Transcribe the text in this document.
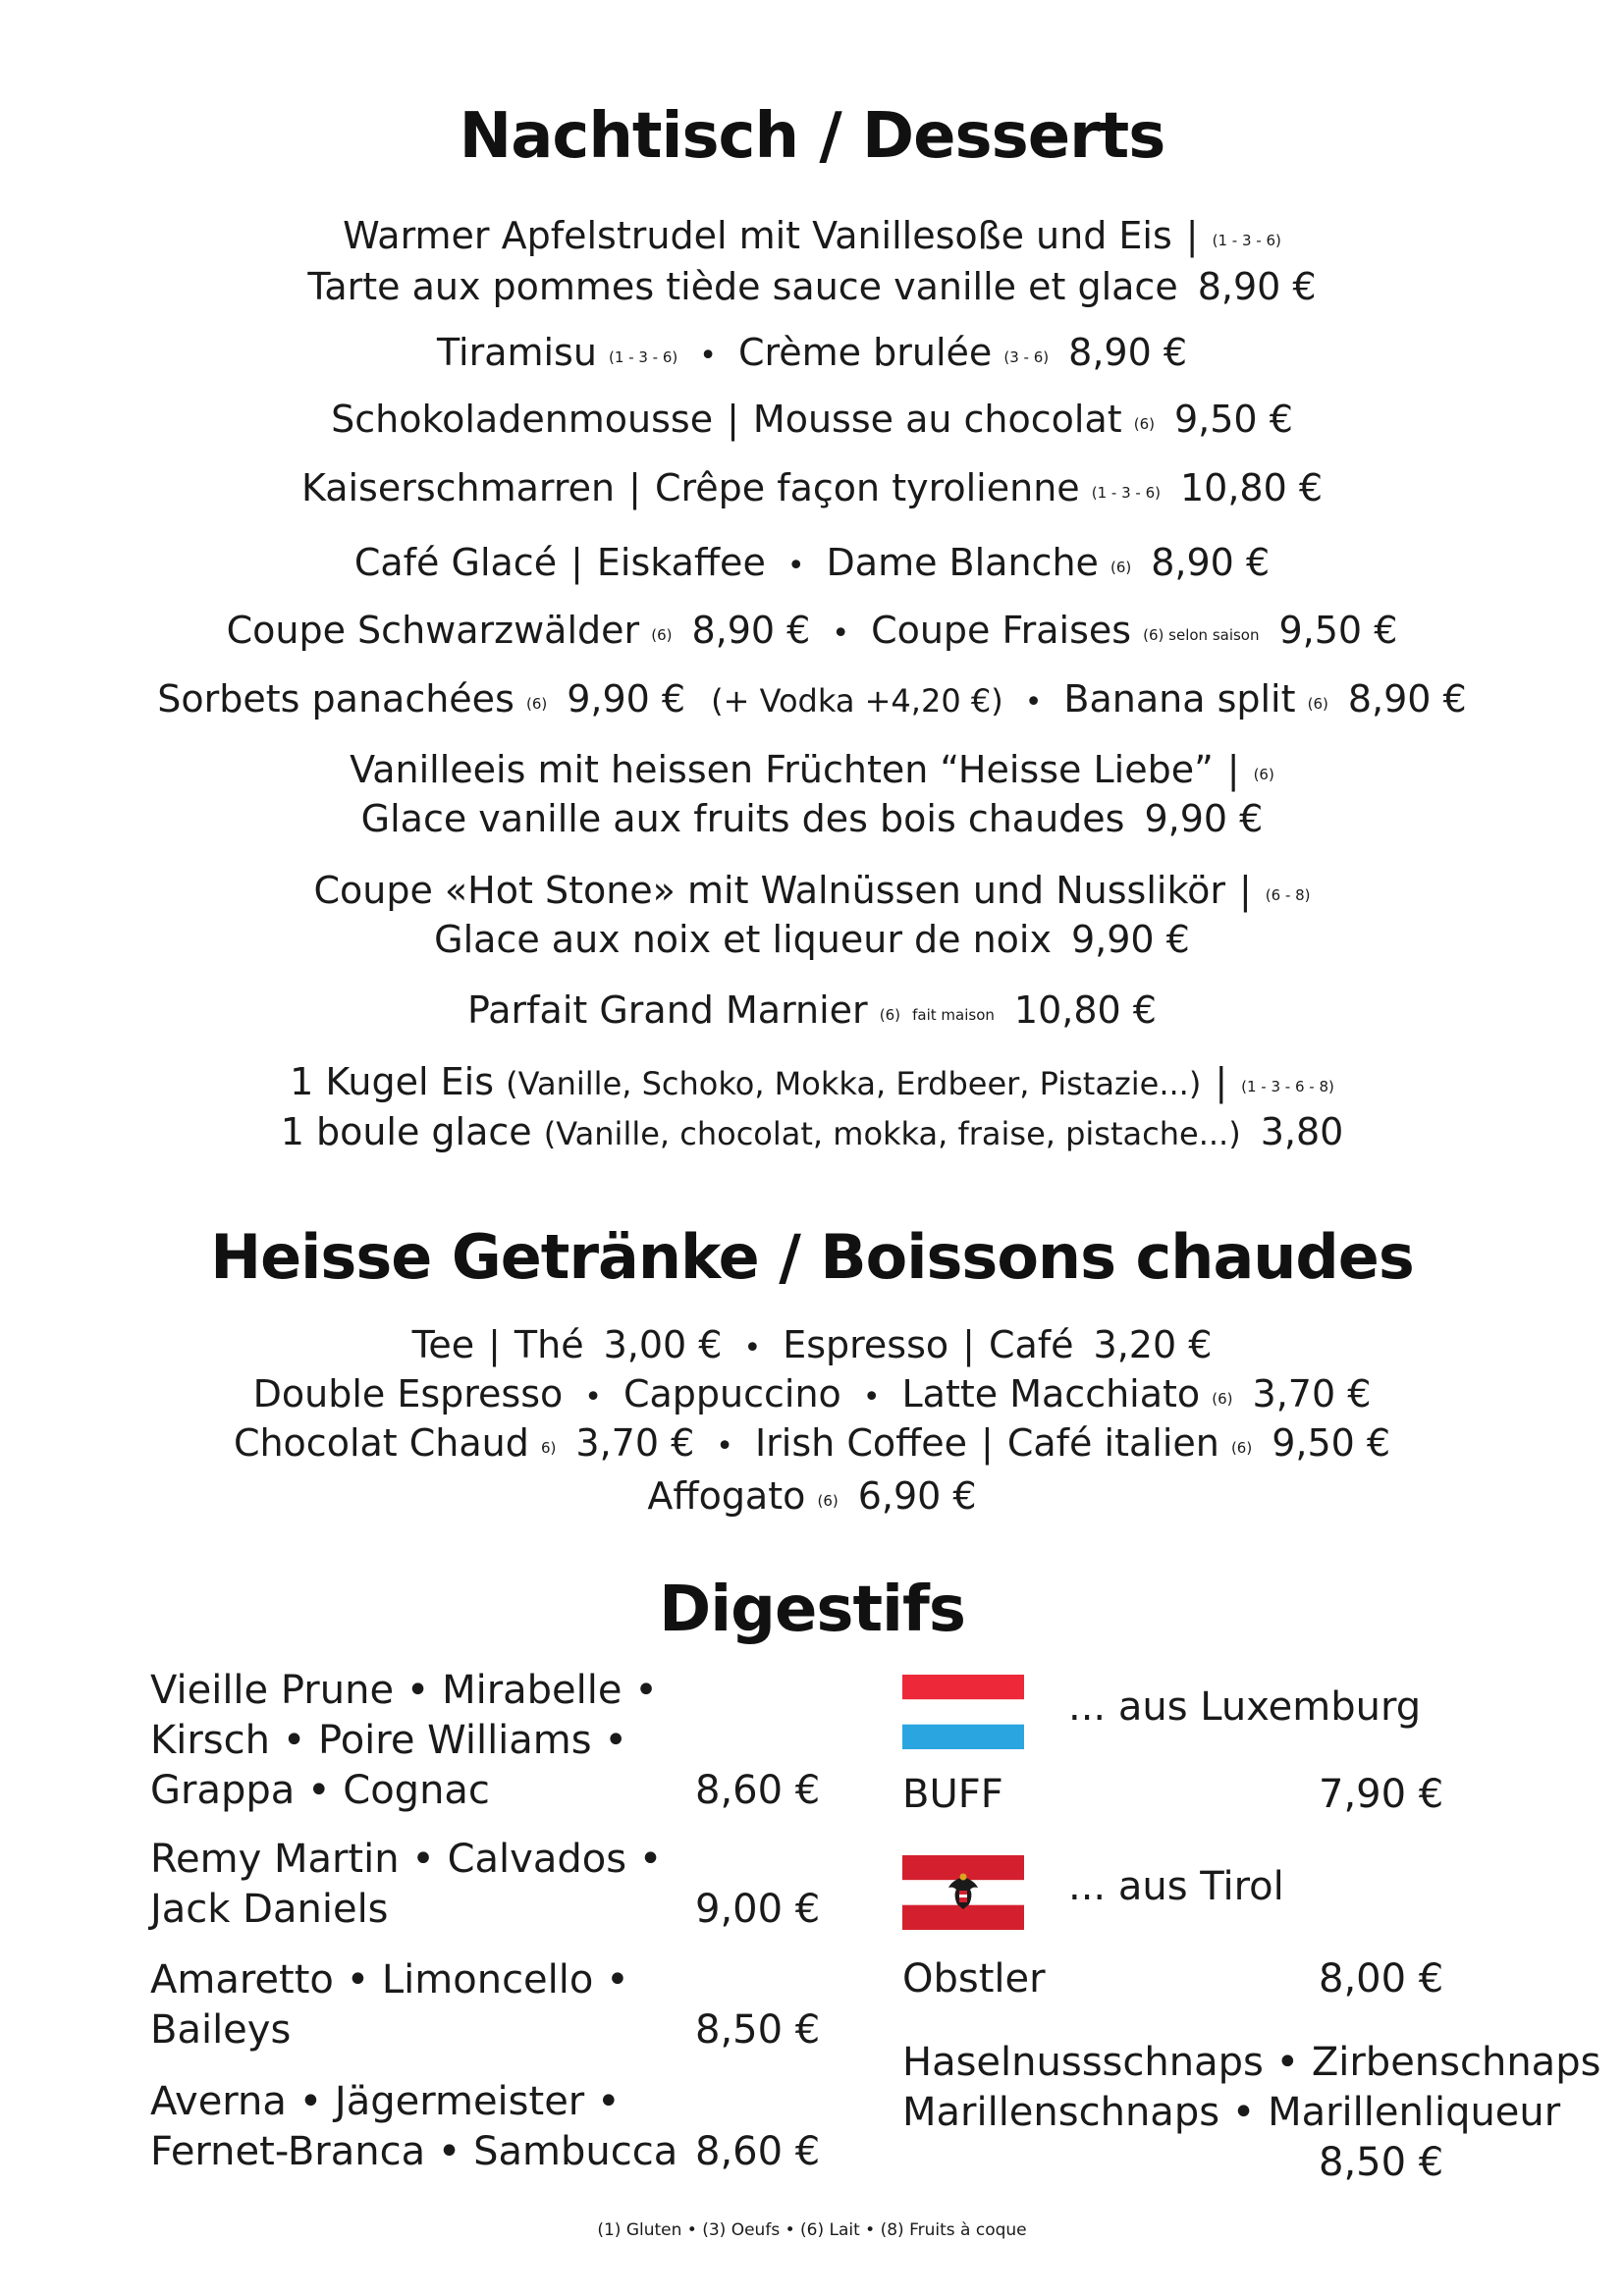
Nachtisch / Desserts
Warmer Apfelstrudel mit Vanillesoße und Eis | (1 - 3 - 6)
Tarte aux pommes tiède sauce vanille et glace 8,90 €
Tiramisu (1 - 3 - 6) • Crème brulée (3 - 6) 8,90 €
Schokoladenmousse | Mousse au chocolat (6) 9,50 €
Kaiserschmarren | Crêpe façon tyrolienne (1 - 3 - 6) 10,80 €
Café Glacé | Eiskaffee • Dame Blanche (6) 8,90 €
Coupe Schwarzwälder (6) 8,90 € • Coupe Fraises (6) selon saison 9,50 €
Sorbets panachées (6) 9,90 € (+ Vodka +4,20 €) • Banana split (6) 8,90 €
Vanilleeis mit heissen Früchten “Heisse Liebe” | (6)
Glace vanille aux fruits des bois chaudes 9,90 €
Coupe «Hot Stone» mit Walnüssen und Nusslikör | (6 - 8)
Glace aux noix et liqueur de noix 9,90 €
Parfait Grand Marnier (6) fait maison 10,80 €
1 Kugel Eis (Vanille, Schoko, Mokka, Erdbeer, Pistazie...) | (1 - 3 - 6 - 8)
1 boule glace (Vanille, chocolat, mokka, fraise, pistache...) 3,80
Heisse Getränke / Boissons chaudes
Tee | Thé 3,00 € • Espresso | Café 3,20 €
Double Espresso • Cappuccino • Latte Macchiato (6) 3,70 €
Chocolat Chaud 6) 3,70 € • Irish Coffee | Café italien (6) 9,50 €
Affogato (6) 6,90 €
Digestifs
Vieille Prune • Mirabelle •
Kirsch • Poire Williams •
Grappa • Cognac	8,60 €
Remy Martin • Calvados •
Jack Daniels	9,00 €
Amaretto • Limoncello •
Baileys	8,50 €
Averna • Jägermeister •
Fernet-Branca • Sambucca 8,60 €
... aus Luxemburg
BUFF	7,90 €
... aus Tirol
Obstler	8,00 €
Haselnussschnaps • Zirbenschnaps
Marillenschnaps • Marillenliqueur
8,50 €
(1) Gluten • (3) Oeufs • (6) Lait • (8) Fruits à coque
